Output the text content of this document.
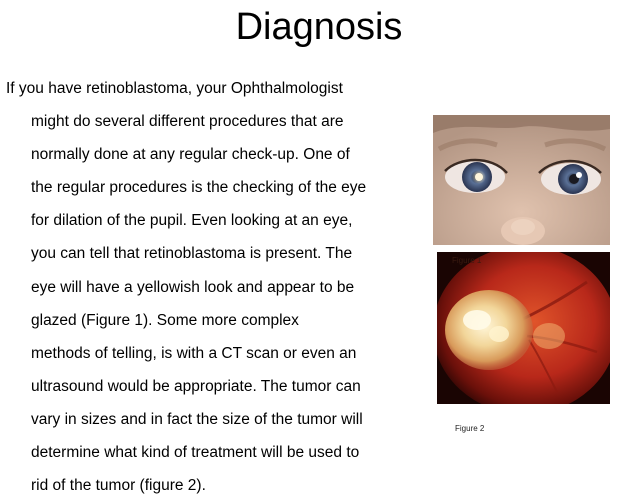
Diagnosis
If you have retinoblastoma, your Ophthalmologist
might do several different procedures that are
normally done at any regular check-up. One of
the regular procedures is the checking of the eye
for dilation of the pupil. Even looking at an eye,
you can tell that retinoblastoma is present. The
eye will have a yellowish look and appear to be
glazed (Figure 1). Some more complex
methods of telling, is with a CT scan or even an
ultrasound would be appropriate. The tumor can
vary in sizes and in fact the size of the tumor will
determine what kind of treatment will be used to
rid of the tumor (figure 2).
Figure 1
Figure 2
